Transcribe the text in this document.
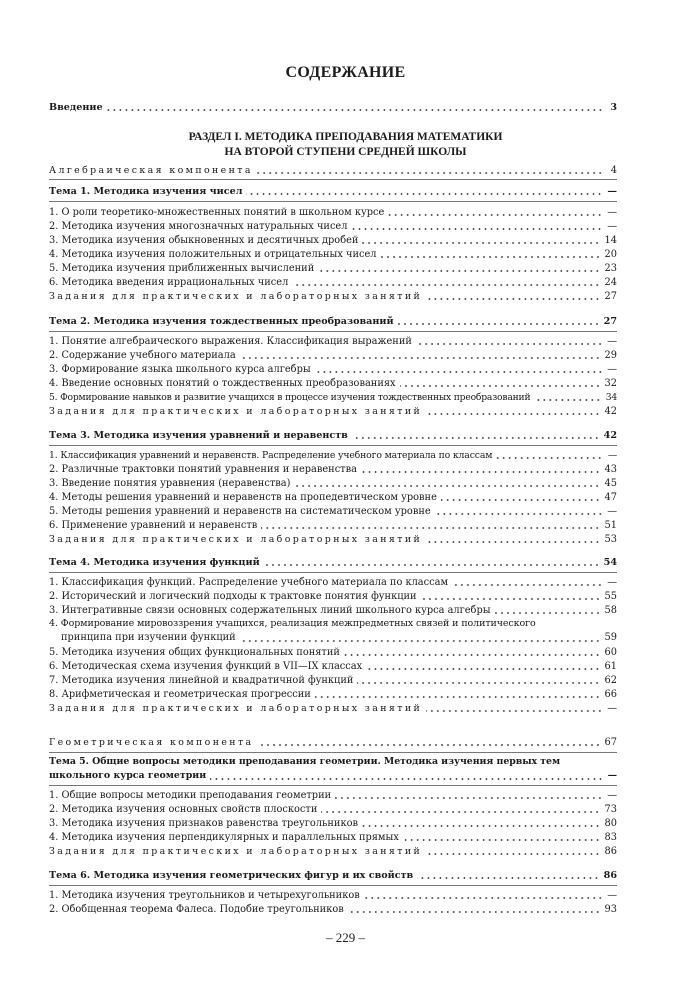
СОДЕРЖАНИЕ
Введение	3
РАЗДЕЛ I. МЕТОДИКА ПРЕПОДАВАНИЯ МАТЕМАТИКИ
НА ВТОРОЙ СТУПЕНИ СРЕДНЕЙ ШКОЛЫ
Алгебраическая компонента	4
Тема 1. Методика изучения чисел	—
1. О роли теоретико-множественных понятий в школьном курсе	—
2. Методика изучения многозначных натуральных чисел	—
3. Методика изучения обыкновенных и десятичных дробей	14
4. Методика изучения положительных и отрицательных чисел	20
5. Методика изучения приближенных вычислений	23
6. Методика введения иррациональных чисел	24
Задания для практических и лабораторных занятий	27
Тема 2. Методика изучения тождественных преобразований	27
1. Понятие алгебраического выражения. Классификация выражений	—
2. Содержание учебного материала	29
3. Формирование языка школьного курса алгебры	—
4. Введение основных понятий о тождественных преобразованиях	32
5. Формирование навыков и развитие учащихся в процессе изучения тождественных преобразований	34
Задания для практических и лабораторных занятий	42
Тема 3. Методика изучения уравнений и неравенств	42
1. Классификация уравнений и неравенств. Распределение учебного материала по классам	—
2. Различные трактовки понятий уравнения и неравенства	43
3. Введение понятия уравнения (неравенства)	45
4. Методы решения уравнений и неравенств на пропедевтическом уровне	47
5. Методы решения уравнений и неравенств на систематическом уровне	—
6. Применение уравнений и неравенств	51
Задания для практических и лабораторных занятий	53
Тема 4. Методика изучения функций	54
1. Классификация функций. Распределение учебного материала по классам	—
2. Исторический и логический подходы к трактовке понятия функции	55
3. Интегративные связи основных содержательных линий школьного курса алгебры	58
4. Формирование мировоззрения учащихся, реализация межпредметных связей и политического
принципа при изучении функций	59
5. Методика изучения общих функциональных понятий	60
6. Методическая схема изучения функций в VII—IX классах	61
7. Методика изучения линейной и квадратичной функций	62
8. Арифметическая и геометрическая прогрессии	66
Задания для практических и лабораторных занятий	—
Геометрическая компонента	67
Тема 5. Общие вопросы методики преподавания геометрии. Методика изучения первых тем
школьного курса геометрии	—
1. Общие вопросы методики преподавания геометрии	—
2. Методика изучения основных свойств плоскости	73
3. Методика изучения признаков равенства треугольников	80
4. Методика изучения перпендикулярных и параллельных прямых	83
Задания для практических и лабораторных занятий	86
Тема 6. Методика изучения геометрических фигур и их свойств	86
1. Методика изучения треугольников и четырехугольников	—
2. Обобщенная теорема Фалеса. Подобие треугольников	93
– 229 –
